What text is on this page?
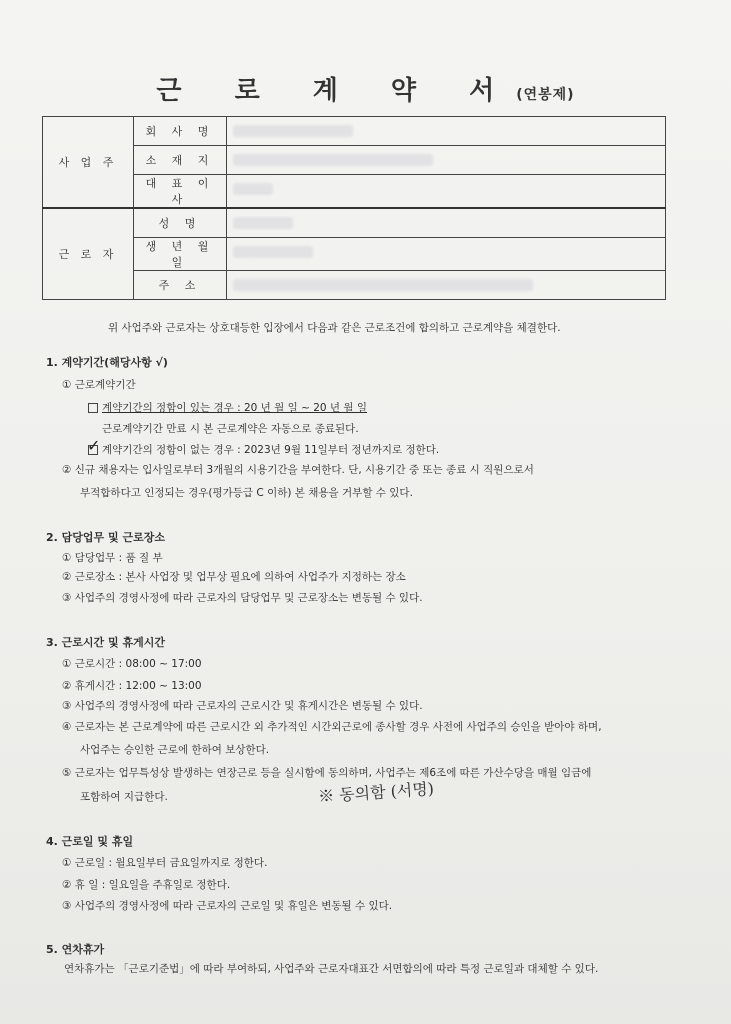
근 로 계 약 서(연봉제)
사 업 주	회 사 명	

	소 재 지	

	대 표 이 사	

근 로 자	성 명	

	생 년 월 일	

	주 소	
위 사업주와 근로자는 상호대등한 입장에서 다음과 같은 근로조건에 합의하고 근로계약을 체결한다.
1. 계약기간(해당사항 √)
① 근로계약기간
계약기간의 정함이 있는 경우 : 20 년 월 일 ~ 20 년 월 일
근로계약기간 만료 시 본 근로계약은 자동으로 종료된다.
✓ 계약기간의 정함이 없는 경우 : 2023년 9월 11일부터 정년까지로 정한다.
② 신규 채용자는 입사일로부터 3개월의 시용기간을 부여한다. 단, 시용기간 중 또는 종료 시 직원으로서
부적합하다고 인정되는 경우(평가등급 C 이하) 본 채용을 거부할 수 있다.
2. 담당업무 및 근로장소
① 담당업무 : 품 질 부
② 근로장소 : 본사 사업장 및 업무상 필요에 의하여 사업주가 지정하는 장소
③ 사업주의 경영사정에 따라 근로자의 담당업무 및 근로장소는 변동될 수 있다.
3. 근로시간 및 휴게시간
① 근로시간 : 08:00 ~ 17:00
② 휴게시간 : 12:00 ~ 13:00
③ 사업주의 경영사정에 따라 근로자의 근로시간 및 휴게시간은 변동될 수 있다.
④ 근로자는 본 근로계약에 따른 근로시간 외 추가적인 시간외근로에 종사할 경우 사전에 사업주의 승인을 받아야 하며,
사업주는 승인한 근로에 한하여 보상한다.
⑤ 근로자는 업무특성상 발생하는 연장근로 등을 실시함에 동의하며, 사업주는 제6조에 따른 가산수당을 매월 임금에
포함하여 지급한다.	※ 동의함 (서명)
4. 근로일 및 휴일
① 근로일 : 월요일부터 금요일까지로 정한다.
② 휴 일 : 일요일을 주휴일로 정한다.
③ 사업주의 경영사정에 따라 근로자의 근로일 및 휴일은 변동될 수 있다.
5. 연차휴가
연차휴가는 「근로기준법」에 따라 부여하되, 사업주와 근로자대표간 서면합의에 따라 특정 근로일과 대체할 수 있다.
